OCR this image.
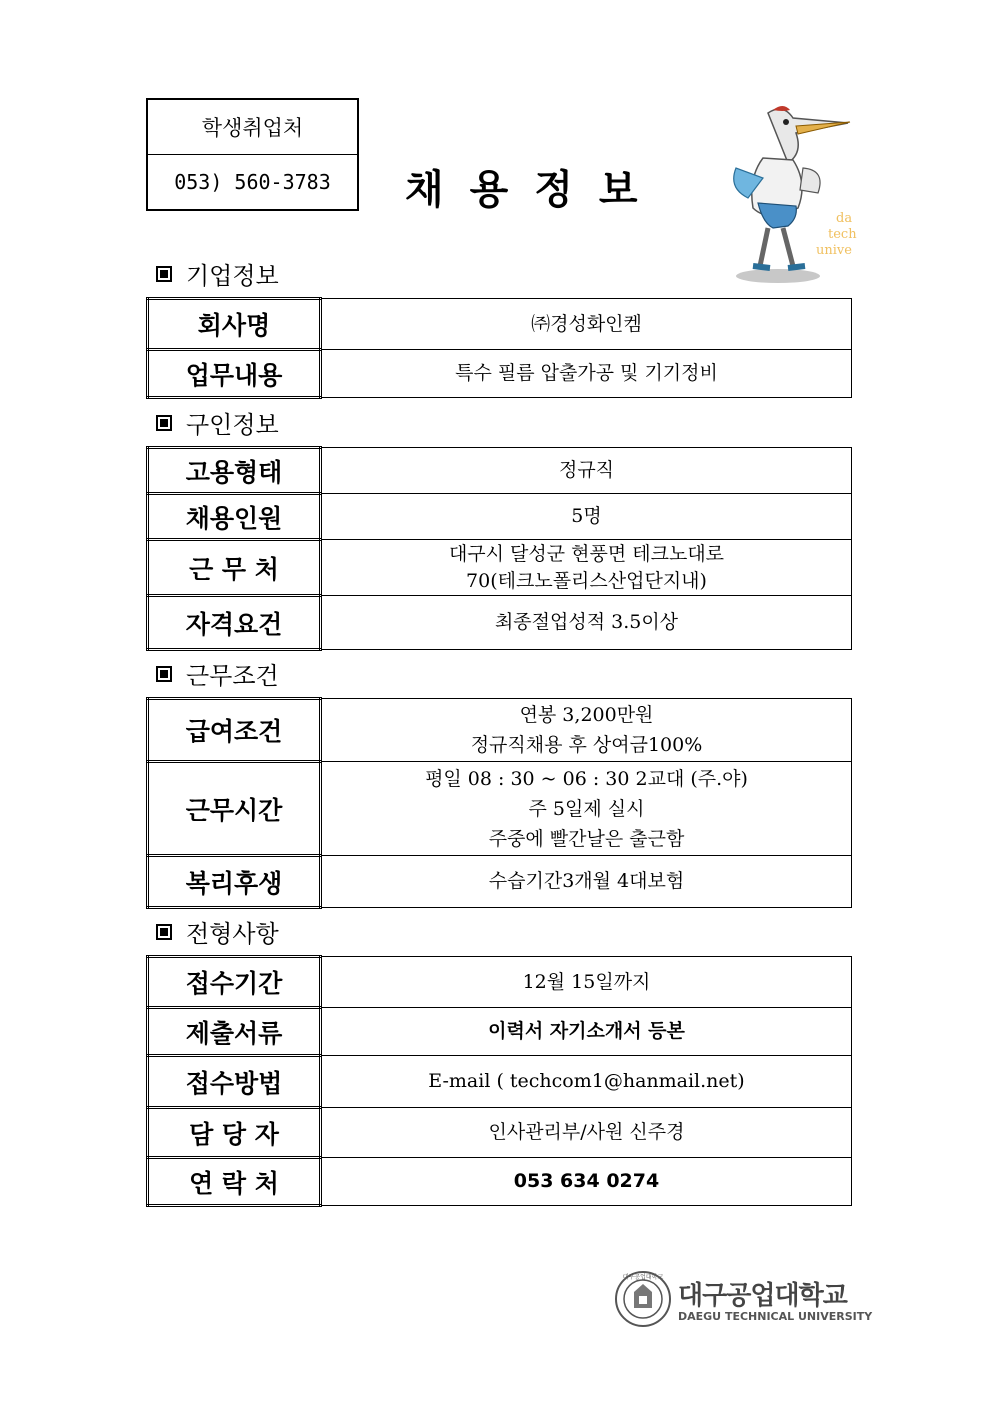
학생취업처
053) 560-3783	채용정보
da
tech
unive
기업정보
회사명	㈜경성화인켐

업무내용	특수 필름 압출가공 및 기기정비
구인정보
고용형태	정규직

채용인원	5명

근 무 처	대구시 달성군 현풍면 테크노대로
70(테크노폴리스산업단지내)

자격요건	최종절업성적 3.5이상
근무조건
급여조건	연봉 3,200만원
정규직채용 후 상여금100%

근무시간	평일 08 : 30 ~ 06 : 30 2교대 (주.야)
주 5일제 실시
주중에 빨간날은 출근함

복리후생	수습기간3개월 4대보험
전형사항
접수기간	12월 15일까지

제출서류	이력서 자기소개서 등본

접수방법	E-mail ( techcom1@hanmail.net)

담 당 자	인사관리부/사원 신주경

연 락 처	053 634 0274
대구공업대학교
대구공업대학교
DAEGU TECHNICAL UNIVERSITY
